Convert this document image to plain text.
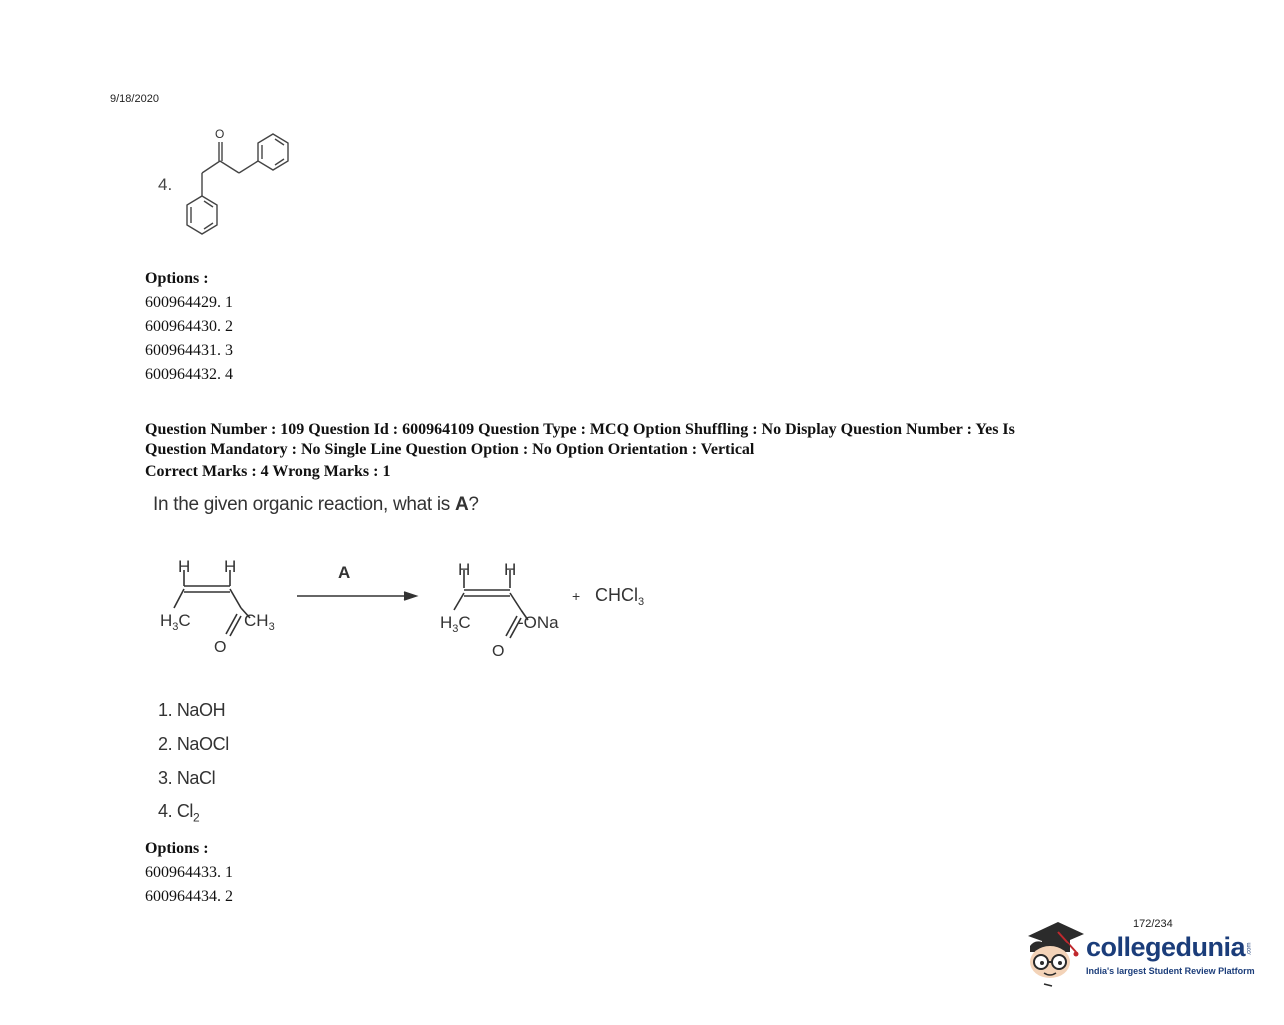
9/18/2020
4.
O
Options :
600964429. 1
600964430. 2
600964431. 3
600964432. 4
Question Number : 109 Question Id : 600964109 Question Type : MCQ Option Shuffling : No Display Question Number : Yes Is
Question Mandatory : No Single Line Question Option : No Option Orientation : Vertical
Correct Marks : 4 Wrong Marks : 1
In the given organic reaction, what is A?
H H
$H_3C$	$CH_3$
O
A	H H
$H_3C$	-ONa
O
+ CHCl$_3$
1. NaOH
2. NaOCl
3. NaCl
4. $Cl_2$
Options :
600964433. 1
600964434. 2
172/234
collegedunia .com
India's largest Student Review Platform
